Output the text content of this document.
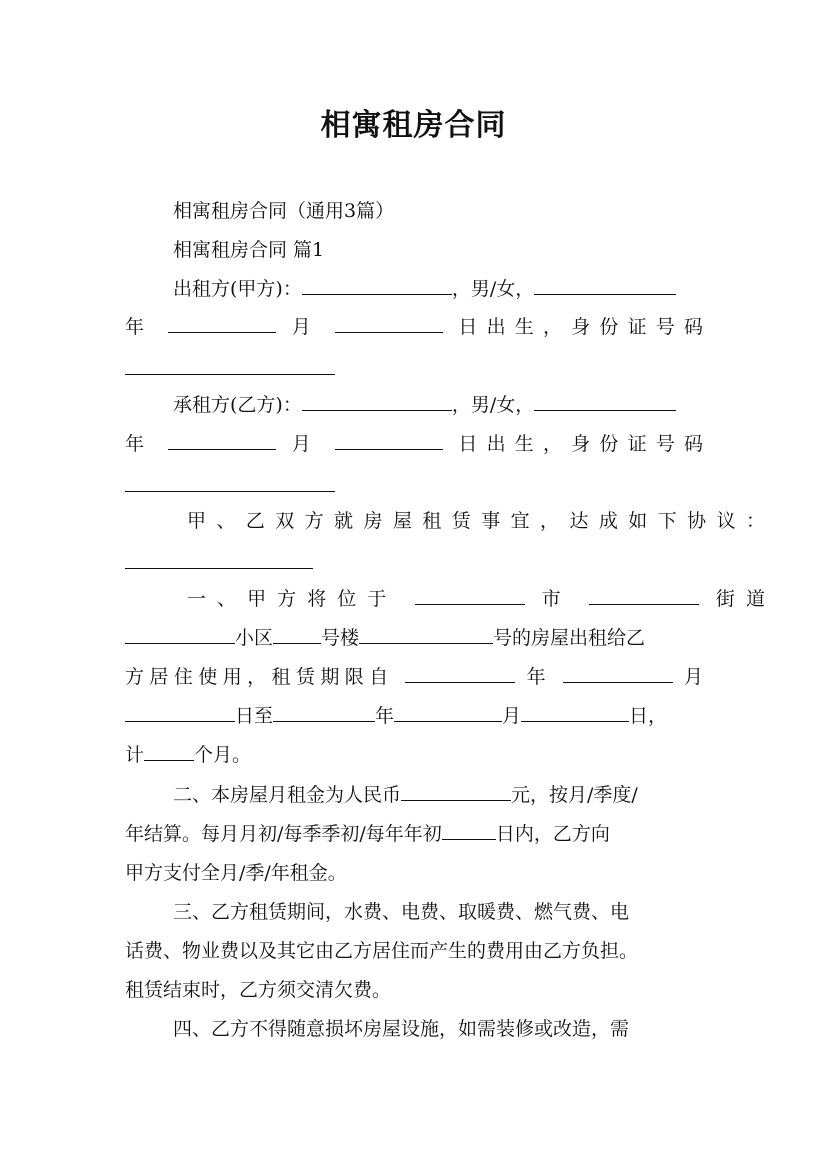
相寓租房合同
相寓租房合同（通用3篇）
相寓租房合同 篇1
出租方(甲方)：	，男/女，
年	月	日出生，身份证号码
承租方(乙方)：	，男/女，
年	月	日出生，身份证号码
甲、乙双方就房屋租赁事宜，达成如下协议：
一、甲方将位于	市	街道
小区	号楼	号的房屋出租给乙
方居住使用，租赁期限自	年	月
日至	年	月	日，
计	个月。
二、本房屋月租金为人民币	元，按月/季度/
年结算。每月月初/每季季初/每年年初	日内，乙方向
甲方支付全月/季/年租金。
三、乙方租赁期间，水费、电费、取暖费、燃气费、电
话费、物业费以及其它由乙方居住而产生的费用由乙方负担。
租赁结束时，乙方须交清欠费。
四、乙方不得随意损坏房屋设施，如需装修或改造，需
